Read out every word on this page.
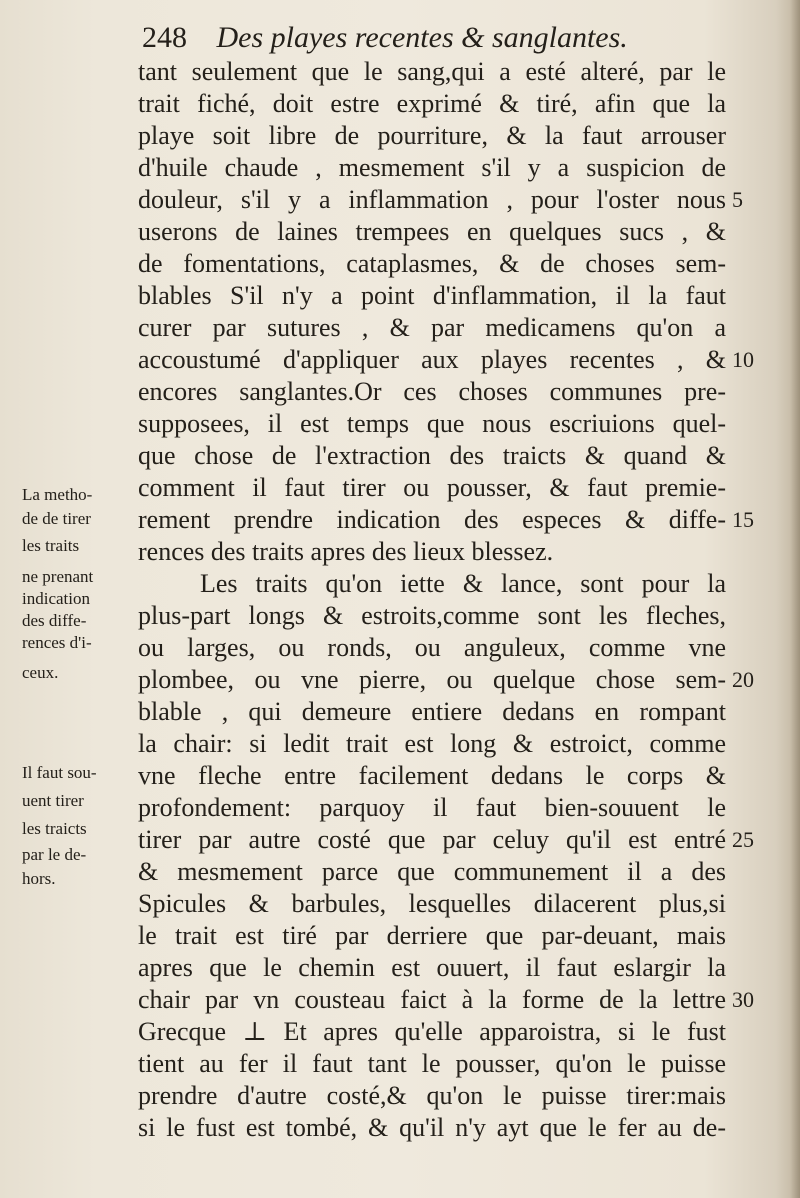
248 Des playes recentes & sanglantes.
tant seulement que le sang,qui a esté alteré, par le
trait fiché, doit estre exprimé & tiré, afin que la
playe soit libre de pourriture, & la faut arrouser
d'huile chaude , mesmement s'il y a suspicion de
douleur, s'il y a inflammation , pour l'oster nous
userons de laines trempees en quelques sucs , &
de fomentations, cataplasmes, & de choses sem-
blables S'il n'y a point d'inflammation, il la faut
curer par sutures , & par medicamens qu'on a
accoustumé d'appliquer aux playes recentes , &
encores sanglantes.Or ces choses communes pre-
supposees, il est temps que nous escriuions quel-
que chose de l'extraction des traicts & quand &
comment il faut tirer ou pousser, & faut premie-
rement prendre indication des especes & diffe-
rences des traits apres des lieux blessez.
Les traits qu'on iette & lance, sont pour la
plus-part longs & estroits,comme sont les fleches,
ou larges, ou ronds, ou anguleux, comme vne
plombee, ou vne pierre, ou quelque chose sem-
blable , qui demeure entiere dedans en rompant
la chair: si ledit trait est long & estroict, comme
vne fleche entre facilement dedans le corps &
profondement: parquoy il faut bien-souuent le
tirer par autre costé que par celuy qu'il est entré
& mesmement parce que communement il a des
Spicules & barbules, lesquelles dilacerent plus,si
le trait est tiré par derriere que par-deuant, mais
apres que le chemin est ouuert, il faut eslargir la
chair par vn cousteau faict à la forme de la lettre
Grecque ⊥ Et apres qu'elle apparoistra, si le fust
tient au fer il faut tant le pousser, qu'on le puisse
prendre d'autre costé,& qu'on le puisse tirer:mais
si le fust est tombé, & qu'il n'y ayt que le fer au de-
La metho-
de de tirer
les traits
ne prenant
indication
des diffe-
rences d'i-
ceux.
Il faut sou-
uent tirer
les traicts
par le de-
hors.
5
10
15
20
25
30
